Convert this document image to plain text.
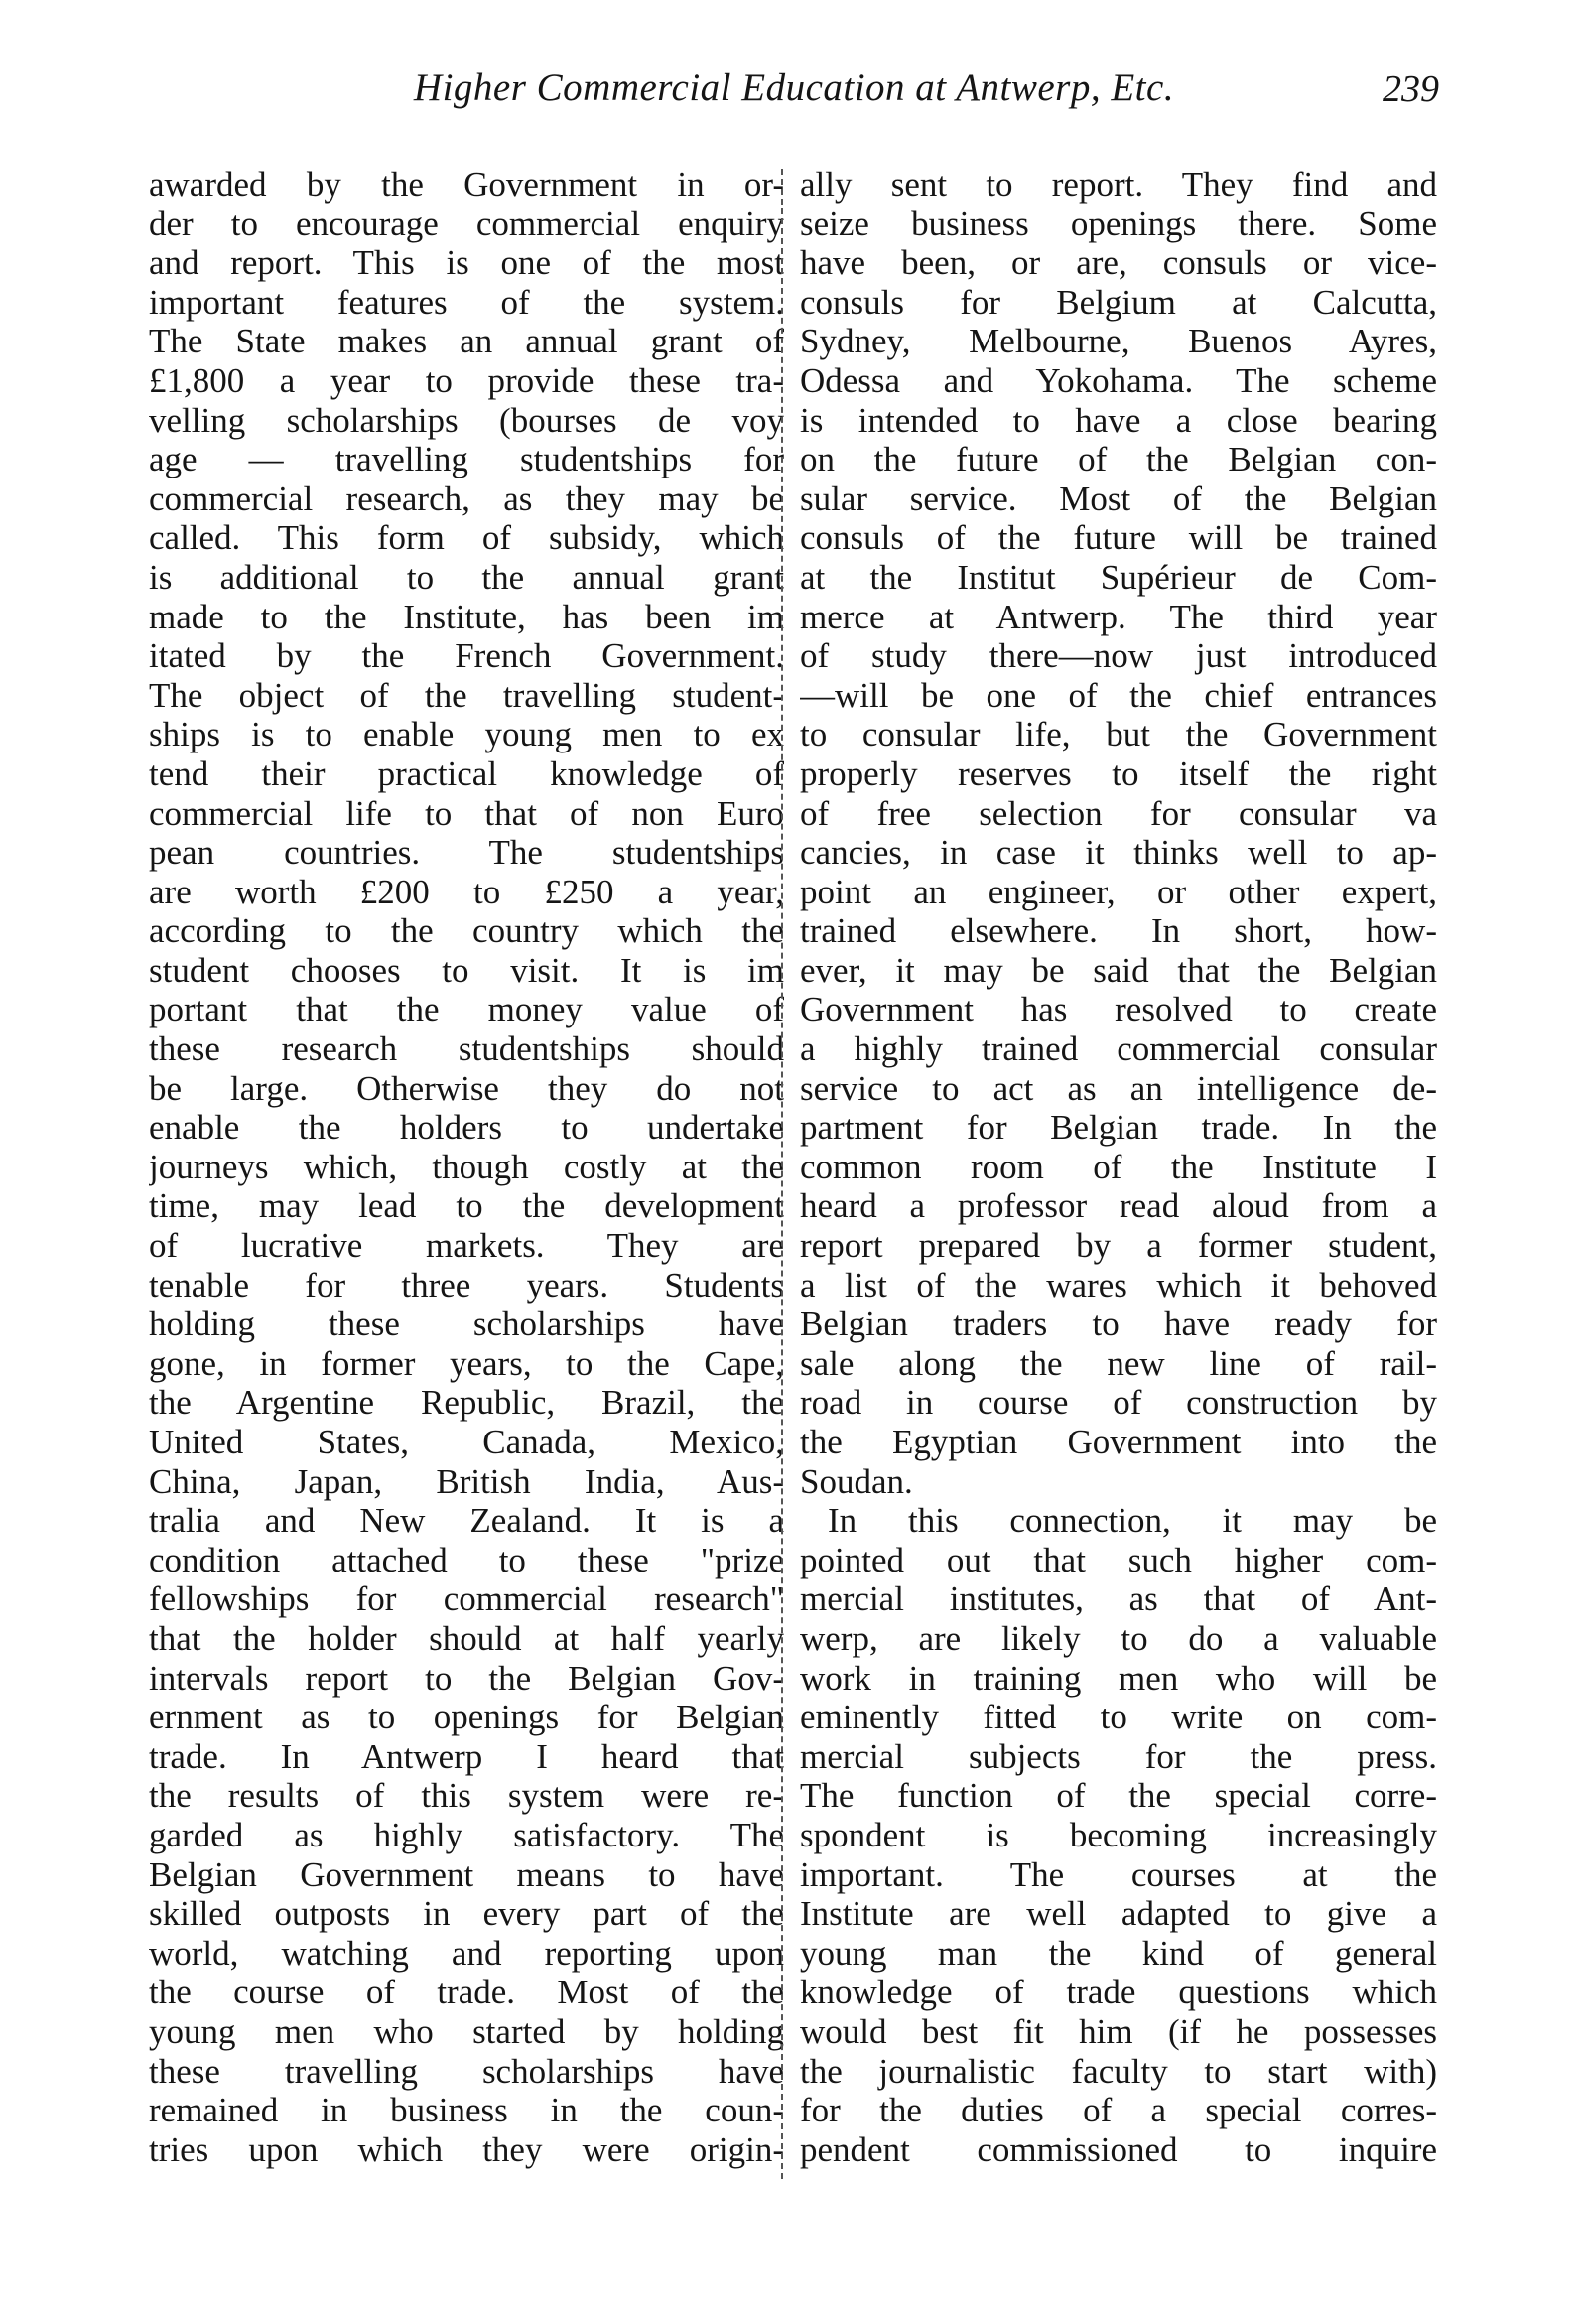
Higher Commercial Education at Antwerp, Etc.	239
awarded by the Government in or-
der to encourage commercial enquiry
and report. This is one of the most
important features of the system.
The State makes an annual grant of
£1,800 a year to provide these tra-
velling scholarships (bourses de voy
age — travelling studentships for
commercial research, as they may be
called. This form of subsidy, which
is additional to the annual grant
made to the Institute, has been im
itated by the French Government.
The object of the travelling student-
ships is to enable young men to ex
tend their practical knowledge of
commercial life to that of non Euro
pean countries. The studentships
are worth £200 to £250 a year,
according to the country which the
student chooses to visit. It is im
portant that the money value of
these research studentships should
be large. Otherwise they do not
enable the holders to undertake
journeys which, though costly at the
time, may lead to the development
of lucrative markets. They are
tenable for three years. Students
holding these scholarships have
gone, in former years, to the Cape,
the Argentine Republic, Brazil, the
United States, Canada, Mexico,
China, Japan, British India, Aus-
tralia and New Zealand. It is a
condition attached to these "prize
fellowships for commercial research"
that the holder should at half yearly
intervals report to the Belgian Gov-
ernment as to openings for Belgian
trade. In Antwerp I heard that
the results of this system were re-
garded as highly satisfactory. The
Belgian Government means to have
skilled outposts in every part of the
world, watching and reporting upon
the course of trade. Most of the
young men who started by holding
these travelling scholarships have
remained in business in the coun-
tries upon which they were origin-
ally sent to report. They find and
seize business openings there. Some
have been, or are, consuls or vice-
consuls for Belgium at Calcutta,
Sydney, Melbourne, Buenos Ayres,
Odessa and Yokohama. The scheme
is intended to have a close bearing
on the future of the Belgian con-
sular service. Most of the Belgian
consuls of the future will be trained
at the Institut Supérieur de Com-
merce at Antwerp. The third year
of study there—now just introduced
—will be one of the chief entrances
to consular life, but the Government
properly reserves to itself the right
of free selection for consular va
cancies, in case it thinks well to ap-
point an engineer, or other expert,
trained elsewhere. In short, how-
ever, it may be said that the Belgian
Government has resolved to create
a highly trained commercial consular
service to act as an intelligence de-
partment for Belgian trade. In the
common room of the Institute I
heard a professor read aloud from a
report prepared by a former student,
a list of the wares which it behoved
Belgian traders to have ready for
sale along the new line of rail-
road in course of construction by
the Egyptian Government into the
Soudan.
In this connection, it may be
pointed out that such higher com-
mercial institutes, as that of Ant-
werp, are likely to do a valuable
work in training men who will be
eminently fitted to write on com-
mercial subjects for the press.
The function of the special corre-
spondent is becoming increasingly
important. The courses at the
Institute are well adapted to give a
young man the kind of general
knowledge of trade questions which
would best fit him (if he possesses
the journalistic faculty to start with)
for the duties of a special corres-
pendent commissioned to inquire
